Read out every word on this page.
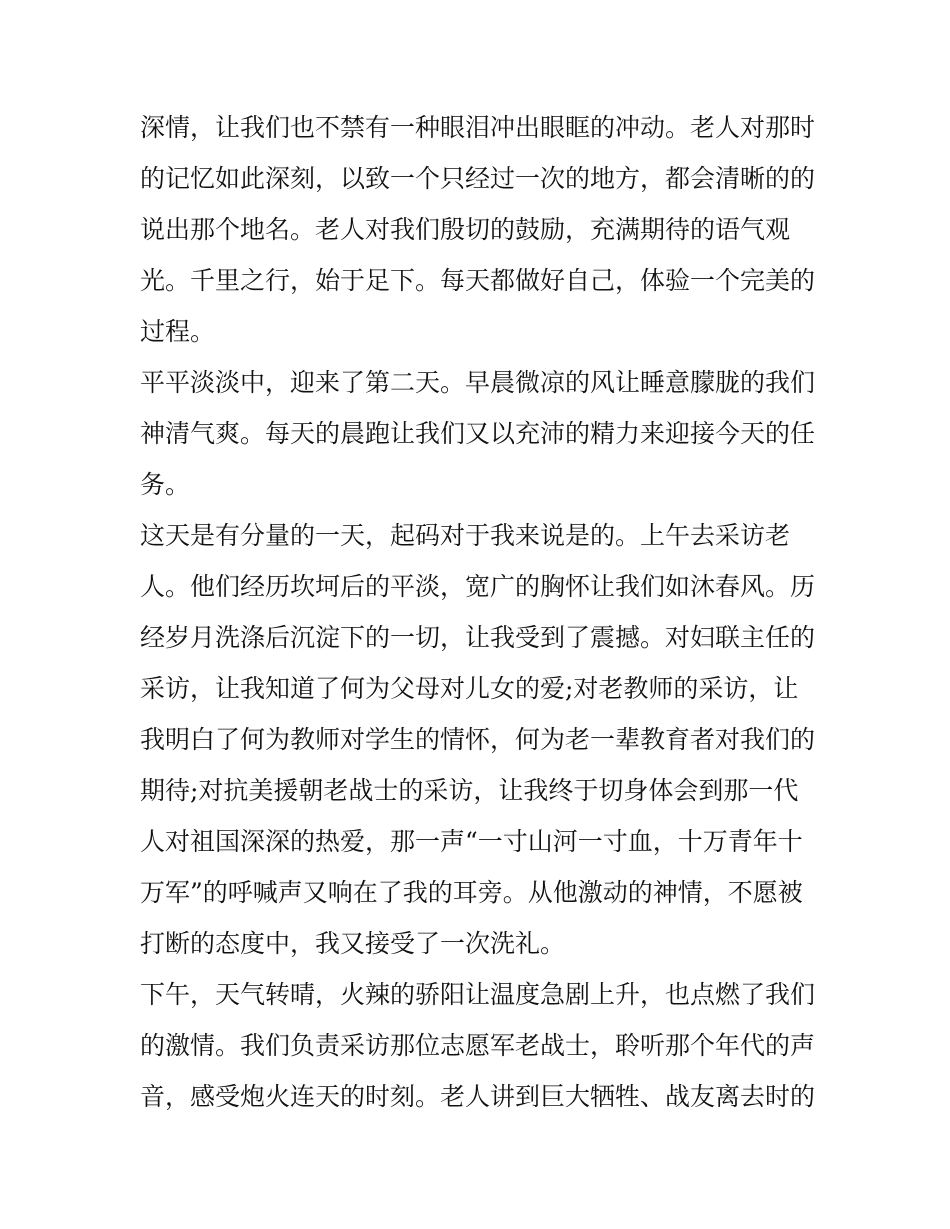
深情，让我们也不禁有一种眼泪冲出眼眶的冲动。老人对那时
的记忆如此深刻，以致一个只经过一次的地方，都会清晰的的
说出那个地名。老人对我们殷切的鼓励，充满期待的语气观
光。千里之行，始于足下。每天都做好自己，体验一个完美的
过程。
平平淡淡中，迎来了第二天。早晨微凉的风让睡意朦胧的我们
神清气爽。每天的晨跑让我们又以充沛的精力来迎接今天的任
务。
这天是有分量的一天，起码对于我来说是的。上午去采访老
人。他们经历坎坷后的平淡，宽广的胸怀让我们如沐春风。历
经岁月洗涤后沉淀下的一切，让我受到了震撼。对妇联主任的
采访，让我知道了何为父母对儿女的爱;对老教师的采访，让
我明白了何为教师对学生的情怀，何为老一辈教育者对我们的
期待;对抗美援朝老战士的采访，让我终于切身体会到那一代
人对祖国深深的热爱，那一声“一寸山河一寸血，十万青年十
万军”的呼喊声又响在了我的耳旁。从他激动的神情，不愿被
打断的态度中，我又接受了一次洗礼。
下午，天气转晴，火辣的骄阳让温度急剧上升，也点燃了我们
的激情。我们负责采访那位志愿军老战士，聆听那个年代的声
音，感受炮火连天的时刻。老人讲到巨大牺牲、战友离去时的
